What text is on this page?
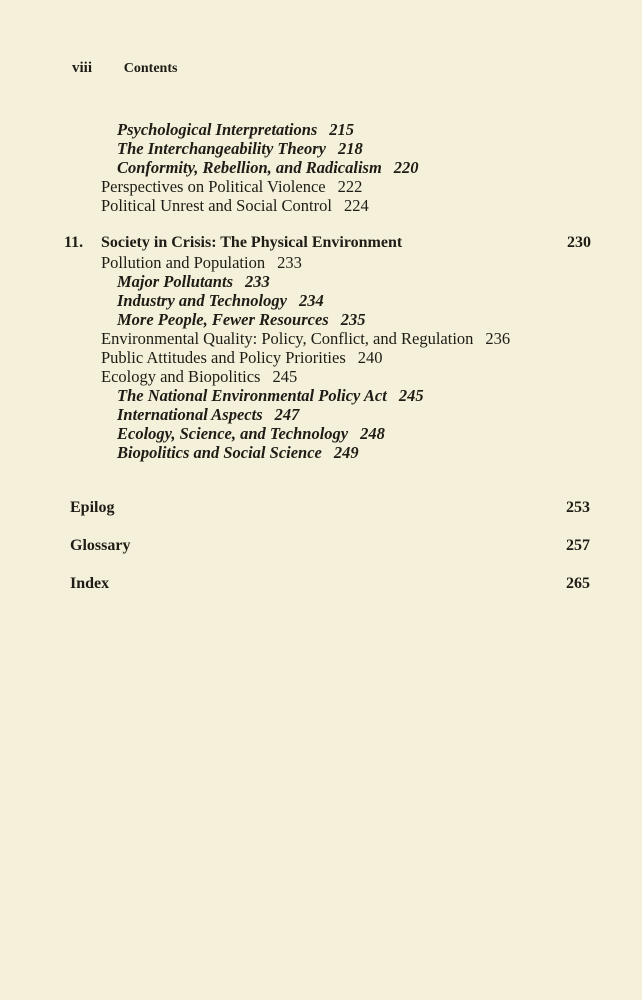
viii Contents
Psychological Interpretations 215
The Interchangeability Theory 218
Conformity, Rebellion, and Radicalism 220
Perspectives on Political Violence 222
Political Unrest and Social Control 224
11. Society in Crisis: The Physical Environment	230
Pollution and Population 233
Major Pollutants 233
Industry and Technology 234
More People, Fewer Resources 235
Environmental Quality: Policy, Conflict, and Regulation 236
Public Attitudes and Policy Priorities 240
Ecology and Biopolitics 245
The National Environmental Policy Act 245
International Aspects 247
Ecology, Science, and Technology 248
Biopolitics and Social Science 249
Epilog	253
Glossary	257
Index	265
